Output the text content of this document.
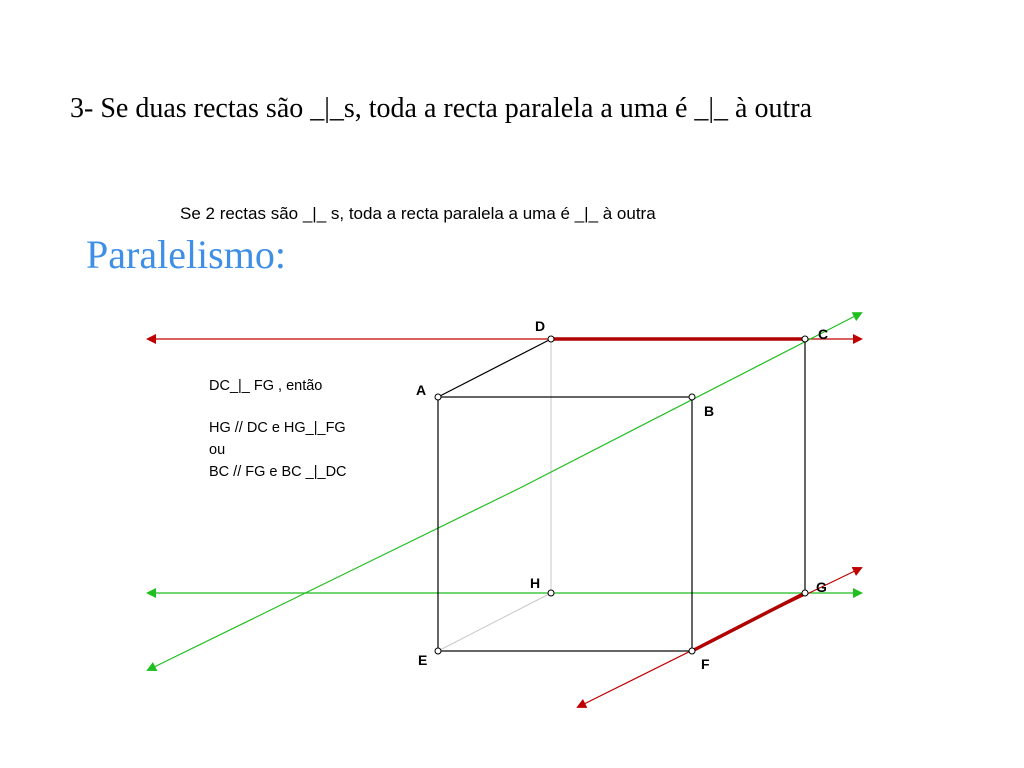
3- Se duas rectas são _|_s, toda a recta paralela a uma é _|_ à outra
Se 2 rectas são _|_ s, toda a recta paralela a uma é _|_ à outra
Paralelismo:
DC_|_ FG , então
HG // DC e HG_|_FG
ou
BC // FG e BC _|_DC
A
B
C
D
E	F
G
H
